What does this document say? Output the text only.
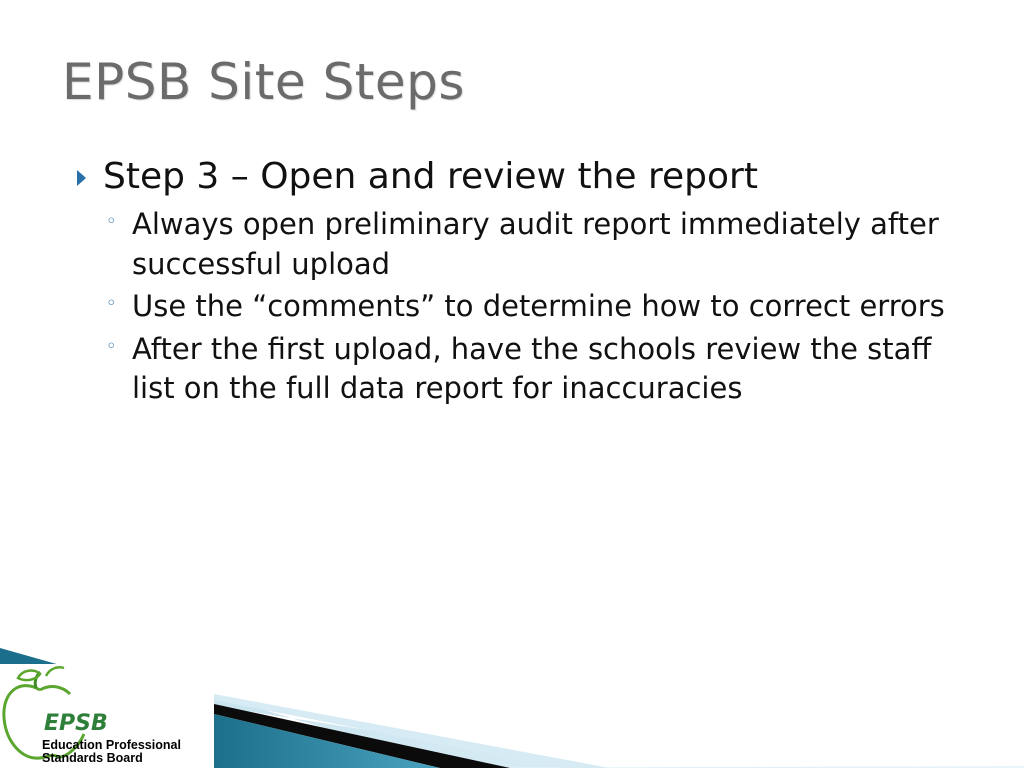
EPSB Site Steps
Step 3 – Open and review the report
◦ Always open preliminary audit report immediately after successful upload
◦ Use the “comments” to determine how to correct errors
◦ After the first upload, have the schools review the staff list on the full data report for inaccuracies
EPSB
Education Professional
Standards Board
